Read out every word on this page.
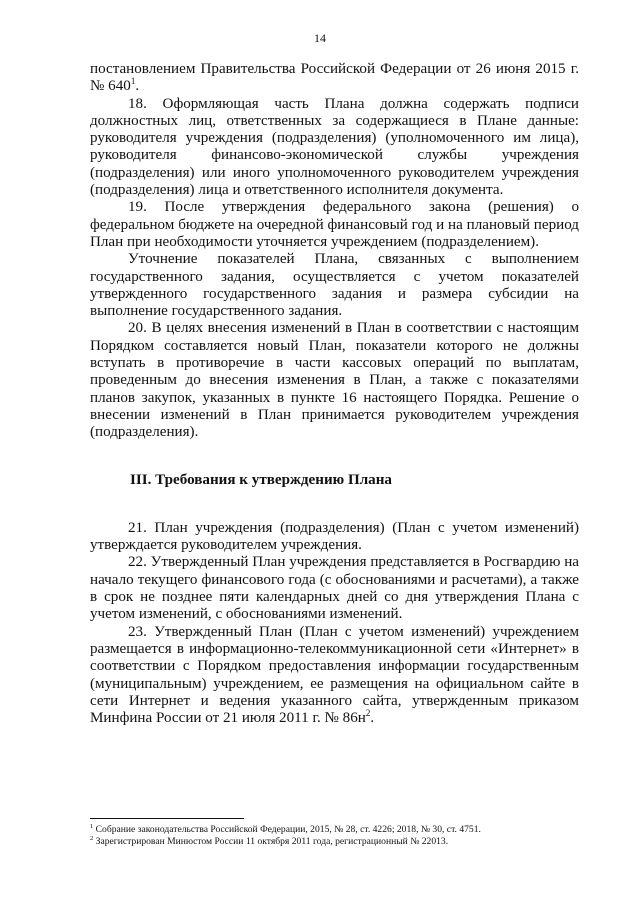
14

постановлением Правительства Российской Федерации от 26 июня 2015 г. № $640^1$.

18. Оформляющая часть Плана должна содержать подписи должностных лиц, ответственных за содержащиеся в Плане данные: руководителя учреждения (подразделения) (уполномоченного им лица), руководителя финансово-экономической службы учреждения (подразделения) или иного уполномоченного руководителем учреждения (подразделения) лица и ответственного исполнителя документа.

19. После утверждения федерального закона (решения) о федеральном бюджете на очередной финансовый год и на плановый период План при необходимости уточняется учреждением (подразделением).

Уточнение показателей Плана, связанных с выполнением государственного задания, осуществляется с учетом показателей утвержденного государственного задания и размера субсидии на выполнение государственного задания.

20. В целях внесения изменений в План в соответствии с настоящим Порядком составляется новый План, показатели которого не должны вступать в противоречие в части кассовых операций по выплатам, проведенным до внесения изменения в План, а также с показателями планов закупок, указанных в пункте 16 настоящего Порядка. Решение о внесении изменений в План принимается руководителем учреждения (подразделения).

III. Требования к утверждению Плана

21. План учреждения (подразделения) (План с учетом изменений) утверждается руководителем учреждения.

22. Утвержденный План учреждения представляется в Росгвардию на начало текущего финансового года (с обоснованиями и расчетами), а также в срок не позднее пяти календарных дней со дня утверждения Плана с учетом изменений, с обоснованиями изменений.

23. Утвержденный План (План с учетом изменений) учреждением размещается в информационно-телекоммуникационной сети «Интернет» в соответствии с Порядком предоставления информации государственным (муниципальным) учреждением, ее размещения на официальном сайте в сети Интернет и ведения указанного сайта, утвержденным приказом Минфина России от 21 июля 2011 г. № $86н^2$.

$^1$ Собрание законодательства Российской Федерации, 2015, № 28, ст. 4226; 2018, № 30, ст. 4751.

$^2$ Зарегистрирован Минюстом России 11 октября 2011 года, регистрационный № 22013.
